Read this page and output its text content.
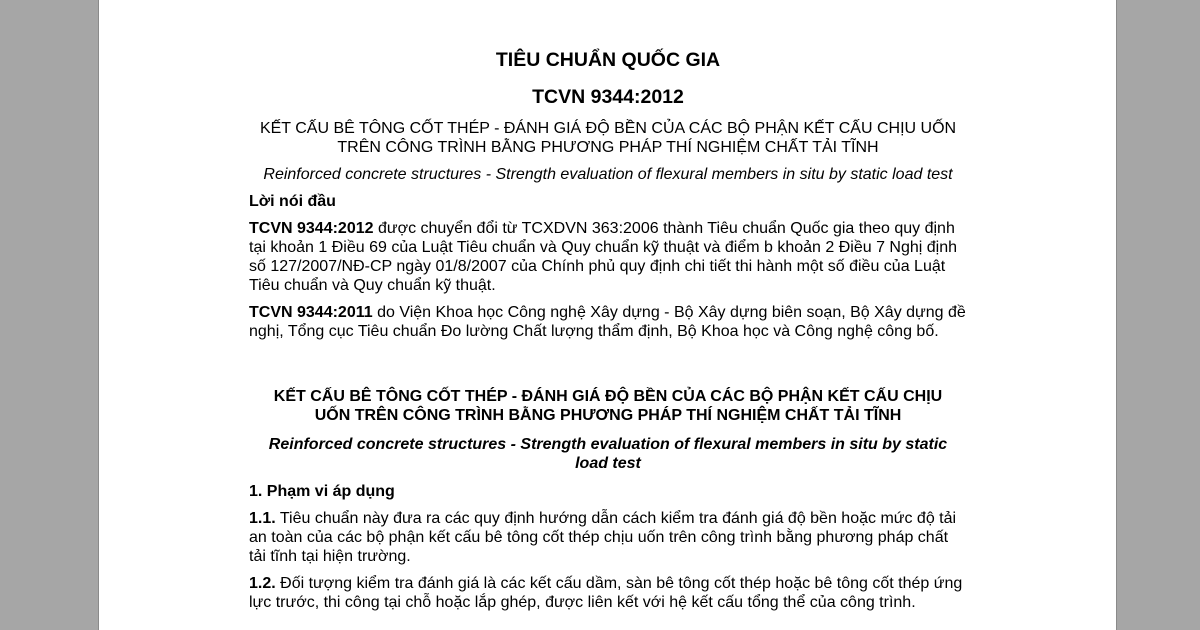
TIÊU CHUẨN QUỐC GIA
TCVN 9344:2012
KẾT CẤU BÊ TÔNG CỐT THÉP - ĐÁNH GIÁ ĐỘ BỀN CỦA CÁC BỘ PHẬN KẾT CẤU CHỊU UỐN TRÊN CÔNG TRÌNH BẰNG PHƯƠNG PHÁP THÍ NGHIỆM CHẤT TẢI TĨNH
Reinforced concrete structures - Strength evaluation of flexural members in situ by static load test
Lời nói đầu

TCVN 9344:2012 được chuyển đổi từ TCXDVN 363:2006 thành Tiêu chuẩn Quốc gia theo quy định tại khoản 1 Điều 69 của Luật Tiêu chuẩn và Quy chuẩn kỹ thuật và điểm b khoản 2 Điều 7 Nghị định số 127/2007/NĐ-CP ngày 01/8/2007 của Chính phủ quy định chi tiết thi hành một số điều của Luật Tiêu chuẩn và Quy chuẩn kỹ thuật.

TCVN 9344:2011 do Viện Khoa học Công nghệ Xây dựng - Bộ Xây dựng biên soạn, Bộ Xây dựng đề nghị, Tổng cục Tiêu chuẩn Đo lường Chất lượng thẩm định, Bộ Khoa học và Công nghệ công bố.

KẾT CẤU BÊ TÔNG CỐT THÉP - ĐÁNH GIÁ ĐỘ BỀN CỦA CÁC BỘ PHẬN KẾT CẤU CHỊU UỐN TRÊN CÔNG TRÌNH BẰNG PHƯƠNG PHÁP THÍ NGHIỆM CHẤT TẢI TĨNH
Reinforced concrete structures - Strength evaluation of flexural members in situ by static load test
1. Phạm vi áp dụng

1.1. Tiêu chuẩn này đưa ra các quy định hướng dẫn cách kiểm tra đánh giá độ bền hoặc mức độ tải an toàn của các bộ phận kết cấu bê tông cốt thép chịu uốn trên công trình bằng phương pháp chất tải tĩnh tại hiện trường.

1.2. Đối tượng kiểm tra đánh giá là các kết cấu dầm, sàn bê tông cốt thép hoặc bê tông cốt thép ứng lực trước, thi công tại chỗ hoặc lắp ghép, được liên kết với hệ kết cấu tổng thể của công trình.
